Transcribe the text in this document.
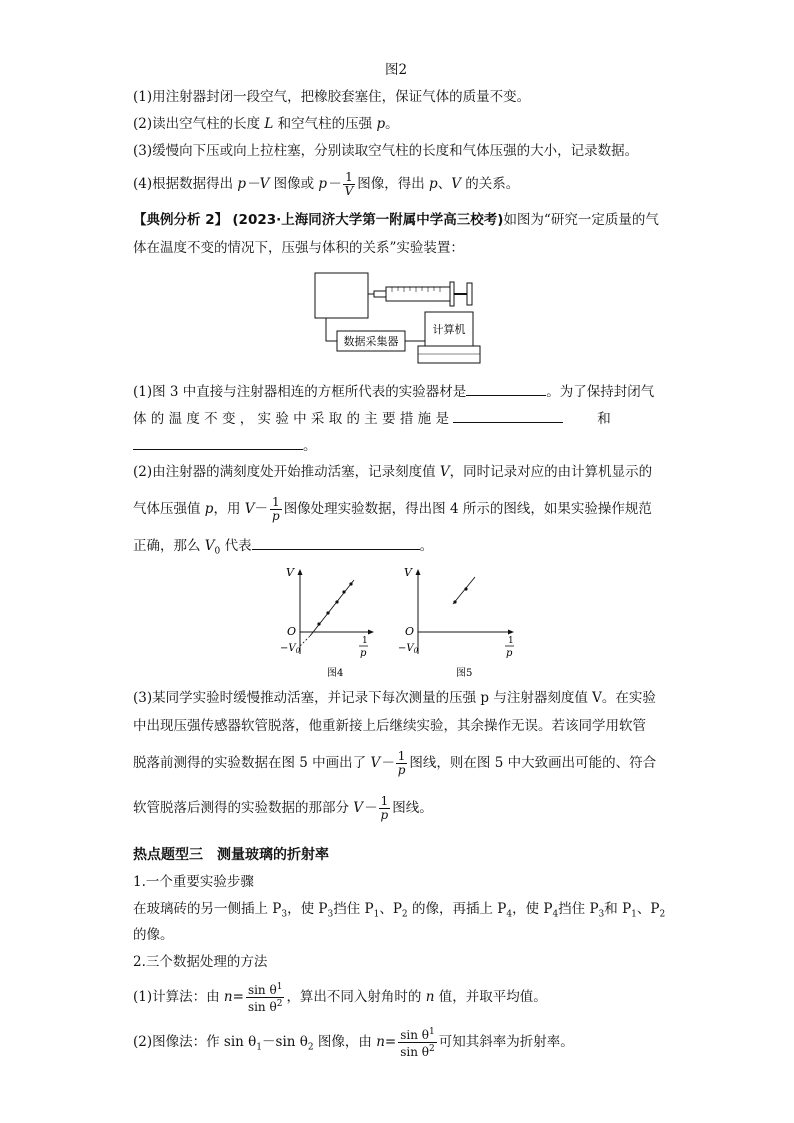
图2
(1)用注射器封闭一段空气，把橡胶套塞住，保证气体的质量不变。
(2)读出空气柱的长度 L 和空气柱的压强 p。
(3)缓慢向下压或向上拉柱塞，分别读取空气柱的长度和气体压强的大小，记录数据。
(4)根据数据得出 p－V 图像或 $p- \frac{1}{V}$ 图像，得出 p、V 的关系。
【典例分析 2】 (2023·上海同济大学第一附属中学高三校考)如图为“研究一定质量的气
体在温度不变的情况下，压强与体积的关系”实验装置：
数据采集器
计算机
(1)图 3 中直接与注射器相连的方框所代表的实验器材是	。为了保持封闭气
体 的 温 度 不 变 ， 实 验 中 采 取 的 主 要 措 施 是	和
。
(2)由注射器的满刻度处开始推动活塞，记录刻度值 V，同时记录对应的由计算机显示的
气体压强值 p，用 $V- \frac{1}{p}$ 图像处理实验数据，得出图 4 所示的图线，如果实验操作规范
正确，那么 $V_0$ 代表	。
V
O
$-V_0$
1
p
图4
V
O
$-V_0$
1
p
图5
(3)某同学实验时缓慢推动活塞，并记录下每次测量的压强 p 与注射器刻度值 V。在实验
中出现压强传感器软管脱落，他重新接上后继续实验，其余操作无误。若该同学用软管
脱落前测得的实验数据在图 5 中画出了 $V- \frac{1}{p}$ 图线，则在图 5 中大致画出可能的、符合
软管脱落后测得的实验数据的那部分 $V- \frac{1}{p}$ 图线。
热点题型三　测量玻璃的折射率
1.一个重要实验步骤
在玻璃砖的另一侧插上 $P_3$，使 $P_3$挡住 $P_1$、$P_2$ 的像，再插上 $P_4$，使 $P_4$挡住 $P_3$和 $P_1$、$P_2$
的像。
2.三个数据处理的方法
(1)计算法：由 $n= \frac{\sin \theta^1}{\sin \theta^2}$ ，算出不同入射角时的 n 值，并取平均值。
(2)图像法：作 $\sin \theta_1-\sin$ $\theta_2$ 图像，由 $n= \frac{\sin \theta^1}{\sin \theta^2}$ 可知其斜率为折射率。
